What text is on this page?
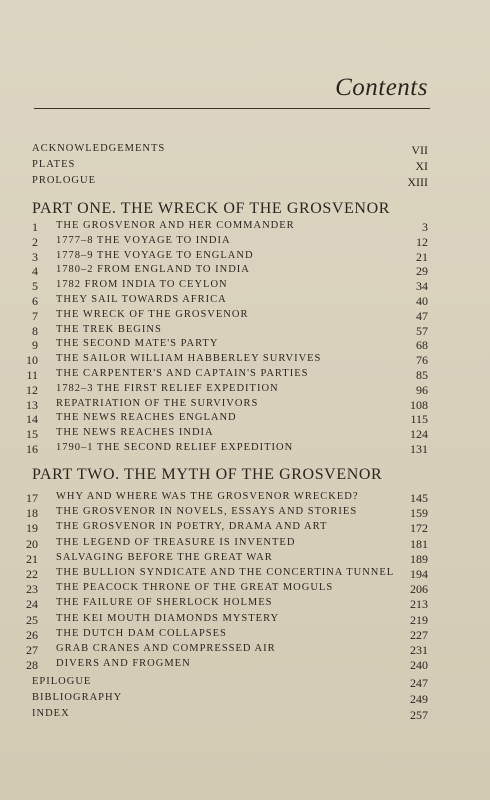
Contents
ACKNOWLEDGEMENTS	VII
PLATES	XI
PROLOGUE	XIII
PART ONE. THE WRECK OF THE GROSVENOR
1 THE GROSVENOR AND HER COMMANDER	3
2 1777–8 THE VOYAGE TO INDIA	12
3 1778–9 THE VOYAGE TO ENGLAND	21
4 1780–2 FROM ENGLAND TO INDIA	29
5 1782 FROM INDIA TO CEYLON	34
6 THEY SAIL TOWARDS AFRICA	40
7 THE WRECK OF THE GROSVENOR	47
8 THE TREK BEGINS	57
9 THE SECOND MATE'S PARTY	68
10 THE SAILOR WILLIAM HABBERLEY SURVIVES	76
11 THE CARPENTER'S AND CAPTAIN'S PARTIES	85
12 1782–3 THE FIRST RELIEF EXPEDITION	96
13 REPATRIATION OF THE SURVIVORS	108
14 THE NEWS REACHES ENGLAND	115
15 THE NEWS REACHES INDIA	124
16 1790–1 THE SECOND RELIEF EXPEDITION	131
PART TWO. THE MYTH OF THE GROSVENOR
17 WHY AND WHERE WAS THE GROSVENOR WRECKED?	145
18 THE GROSVENOR IN NOVELS, ESSAYS AND STORIES	159
19 THE GROSVENOR IN POETRY, DRAMA AND ART	172
20 THE LEGEND OF TREASURE IS INVENTED	181
21 SALVAGING BEFORE THE GREAT WAR	189
22 THE BULLION SYNDICATE AND THE CONCERTINA TUNNEL 194
23 THE PEACOCK THRONE OF THE GREAT MOGULS	206
24 THE FAILURE OF SHERLOCK HOLMES	213
25 THE KEI MOUTH DIAMONDS MYSTERY	219
26 THE DUTCH DAM COLLAPSES	227
27 GRAB CRANES AND COMPRESSED AIR	231
28 DIVERS AND FROGMEN	240
EPILOGUE	247
BIBLIOGRAPHY	249
INDEX	257
